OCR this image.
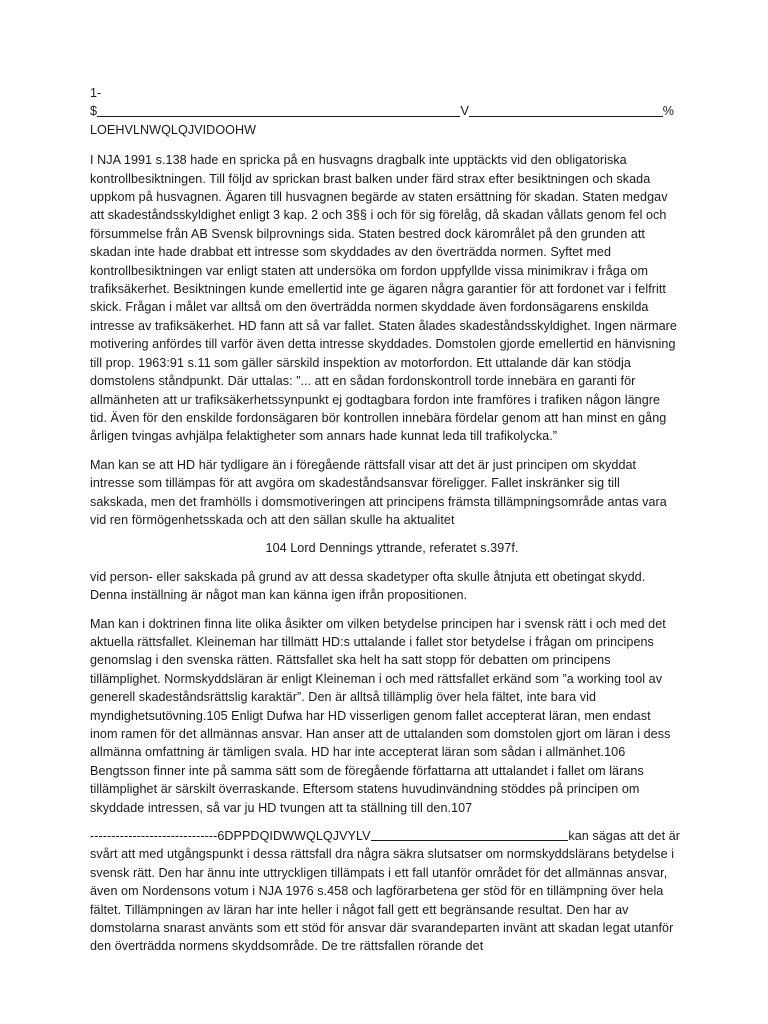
1-
$	V	%
LOEHVLNWQLQJVIDOOHW

I NJA 1991 s.138 hade en spricka på en husvagns dragbalk inte upptäckts vid den obligatoriska kontrollbesiktningen. Till följd av sprickan brast balken under färd strax efter besiktningen och skada uppkom på husvagnen. Ägaren till husvagnen begärde av staten ersättning för skadan. Staten medgav att skadeståndsskyldighet enligt 3 kap. 2 och 3§§ i och för sig förelåg, då skadan vållats genom fel och försummelse från AB Svensk bilprovnings sida. Staten bestred dock kärområlet på den grunden att skadan inte hade drabbat ett intresse som skyddades av den överträdda normen. Syftet med kontrollbesiktningen var enligt staten att undersöka om fordon uppfyllde vissa minimikrav i fråga om trafiksäkerhet. Besiktningen kunde emellertid inte ge ägaren några garantier för att fordonet var i felfritt skick. Frågan i målet var alltså om den överträdda normen skyddade även fordonsägarens enskilda intresse av trafiksäkerhet. HD fann att så var fallet. Staten ålades skadeståndsskyldighet. Ingen närmare motivering anfördes till varför även detta intresse skyddades. Domstolen gjorde emellertid en hänvisning till prop. 1963:91 s.11 som gäller särskild inspektion av motorfordon. Ett uttalande där kan stödja domstolens ståndpunkt. Där uttalas: ”... att en sådan fordonskontroll torde innebära en garanti för allmänheten att ur trafiksäkerhetssynpunkt ej godtagbara fordon inte framföres i trafiken någon längre tid. Även för den enskilde fordonsägaren bör kontrollen innebära fördelar genom att han minst en gång årligen tvingas avhjälpa felaktigheter som annars hade kunnat leda till trafikolycka.”

Man kan se att HD här tydligare än i föregående rättsfall visar att det är just principen om skyddat intresse som tillämpas för att avgöra om skadeståndsansvar föreligger. Fallet inskränker sig till sakskada, men det framhölls i domsmotiveringen att principens främsta tillämpningsområde antas vara vid ren förmögenhetsskada och att den sällan skulle ha aktualitet

104 Lord Dennings yttrande, referatet s.397f.

vid person- eller sakskada på grund av att dessa skadetyper ofta skulle åtnjuta ett obetingat skydd. Denna inställning är något man kan känna igen ifrån propositionen.

Man kan i doktrinen finna lite olika åsikter om vilken betydelse principen har i svensk rätt i och med det aktuella rättsfallet. Kleineman har tillmätt HD:s uttalande i fallet stor betydelse i frågan om principens genomslag i den svenska rätten. Rättsfallet ska helt ha satt stopp för debatten om principens tillämplighet. Normskyddsläran är enligt Kleineman i och med rättsfallet erkänd som ”a working tool av generell skadeståndsrättslig karaktär”. Den är alltså tillämplig över hela fältet, inte bara vid myndighetsutövning.105 Enligt Dufwa har HD visserligen genom fallet accepterat läran, men endast inom ramen för det allmännas ansvar. Han anser att de uttalanden som domstolen gjort om läran i dess allmänna omfattning är tämligen svala. HD har inte accepterat läran som sådan i allmänhet.106 Bengtsson finner inte på samma sätt som de föregående författarna att uttalandet i fallet om lärans tillämplighet är särskilt överraskande. Eftersom statens huvudinvändning stöddes på principen om skyddade intressen, så var ju HD tvungen att ta ställning till den.107

------------------------------ 6DPPDQIDWWQLQJVYLV	kan sägas att det är

svårt att med utgångspunkt i dessa rättsfall dra några säkra slutsatser om normskyddslärans betydelse i svensk rätt. Den har ännu inte uttryckligen tillämpats i ett fall utanför området för det allmännas ansvar, även om Nordensons votum i NJA 1976 s.458 och lagförarbetena ger stöd för en tillämpning över hela fältet. Tillämpningen av läran har inte heller i något fall gett ett begränsande resultat. Den har av domstolarna snarast använts som ett stöd för ansvar där svarandeparten invänt att skadan legat utanför den överträdda normens skyddsområde. De tre rättsfallen rörande det
